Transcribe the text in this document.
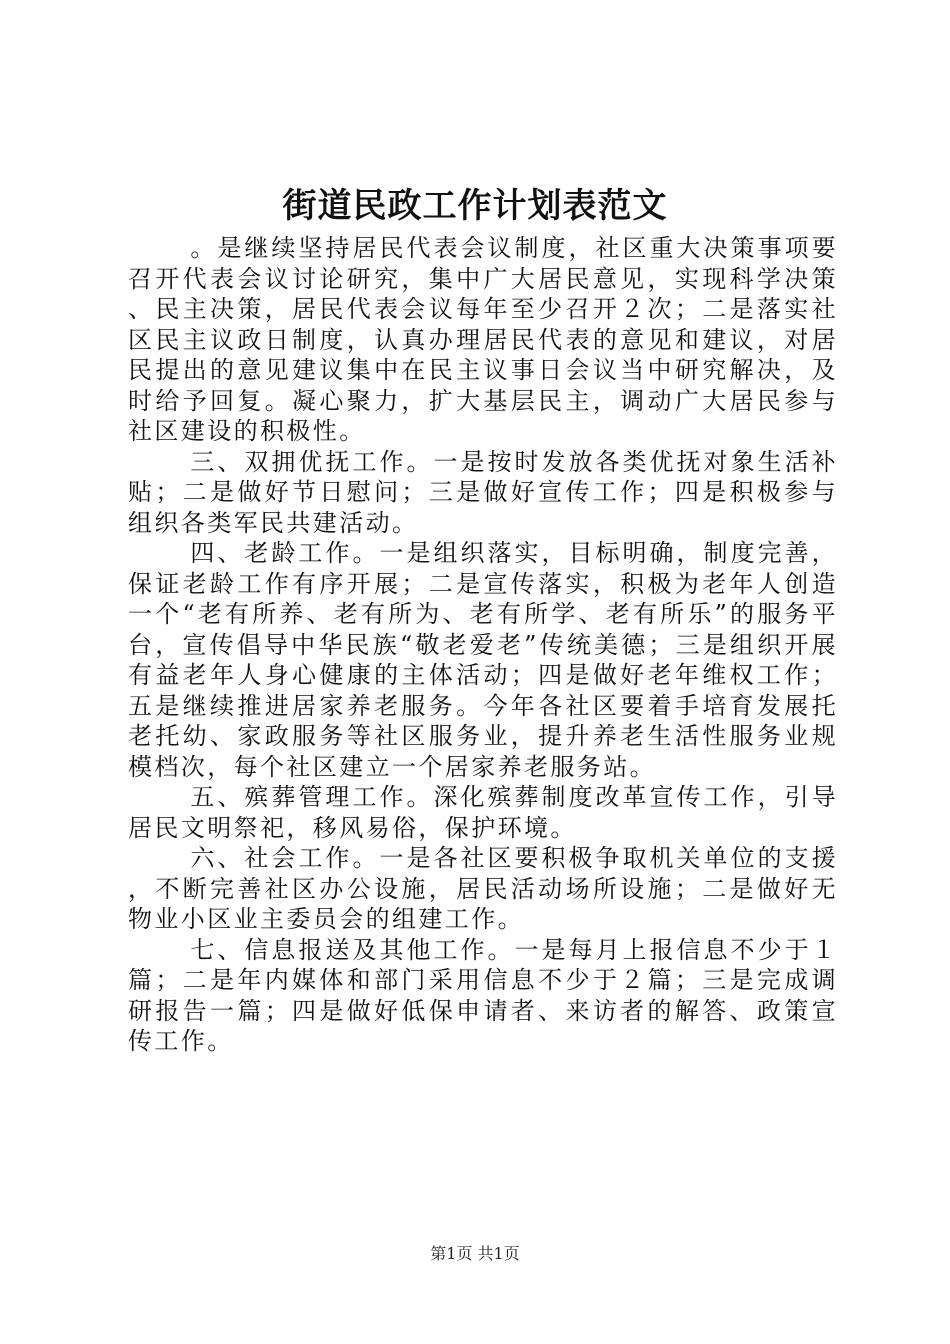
街道民政工作计划表范文

。是继续坚持居民代表会议制度，社区重大决策事项要召开代表会议讨论研究，集中广大居民意见，实现科学决策、民主决策，居民代表会议每年至少召开２次；二是落实社区民主议政日制度，认真办理居民代表的意见和建议，对居民提出的意见建议集中在民主议事日会议当中研究解决，及时给予回复。凝心聚力，扩大基层民主，调动广大居民参与社区建设的积极性。

三、双拥优抚工作。一是按时发放各类优抚对象生活补贴；二是做好节日慰问；三是做好宣传工作；四是积极参与组织各类军民共建活动。

四、老龄工作。一是组织落实，目标明确，制度完善，保证老龄工作有序开展；二是宣传落实，积极为老年人创造一个“老有所养、老有所为、老有所学、老有所乐”的服务平台，宣传倡导中华民族“敬老爱老”传统美德；三是组织开展有益老年人身心健康的主体活动；四是做好老年维权工作；五是继续推进居家养老服务。今年各社区要着手培育发展托老托幼、家政服务等社区服务业，提升养老生活性服务业规模档次，每个社区建立一个居家养老服务站。

五、殡葬管理工作。深化殡葬制度改革宣传工作，引导居民文明祭祀，移风易俗，保护环境。

六、社会工作。一是各社区要积极争取机关单位的支援，不断完善社区办公设施，居民活动场所设施；二是做好无物业小区业主委员会的组建工作。

七、信息报送及其他工作。一是每月上报信息不少于１篇；二是年内媒体和部门采用信息不少于２篇；三是完成调研报告一篇；四是做好低保申请者、来访者的解答、政策宣传工作。

第1页 共1页
